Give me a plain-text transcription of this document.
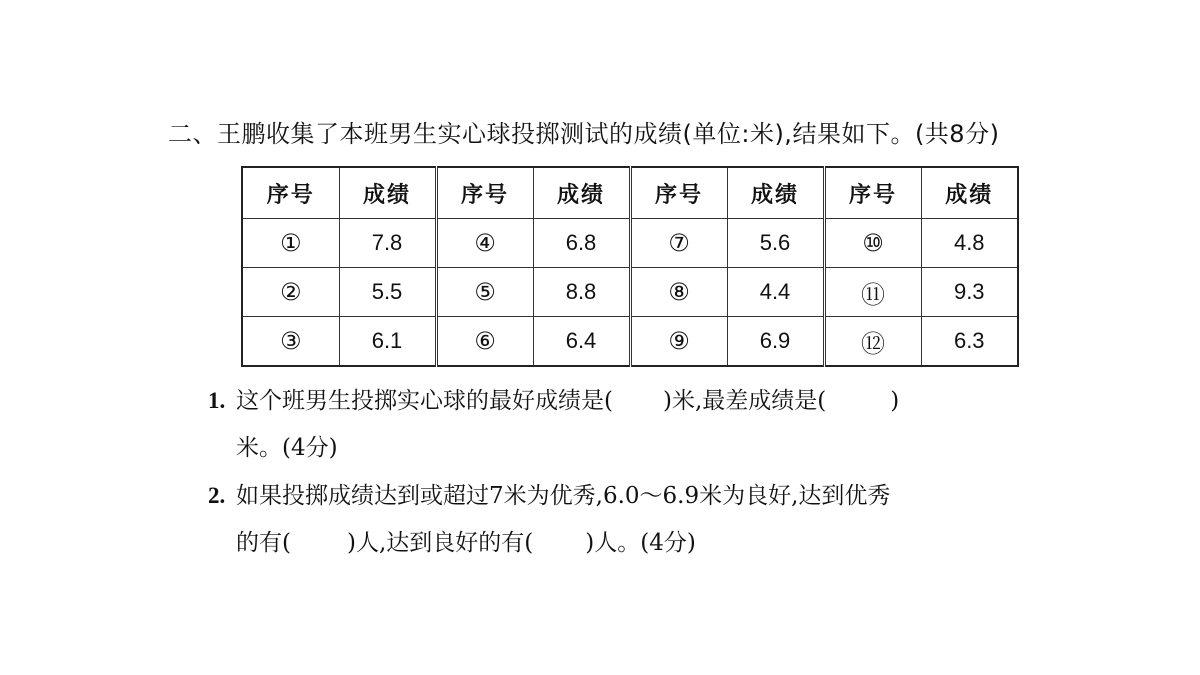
二、王鹏收集了本班男生实心球投掷测试的成绩(单位:米),结果如下。(共8分)
序号	成绩	序号	成绩	序号	成绩	序号	成绩
①	7.8	④	6.8	⑦	5.6	⑩	4.8
②	5.5	⑤	8.8	⑧	4.4	⑪	9.3
③	6.1	⑥	6.4	⑨	6.9	⑫	6.3
1. 这个班男生投掷实心球的最好成绩是( )米,最差成绩是(	)
米。(4分)
2. 如果投掷成绩达到或超过7米为优秀,6.0～6.9米为良好,达到优秀
的有( )人,达到良好的有( )人。(4分)
